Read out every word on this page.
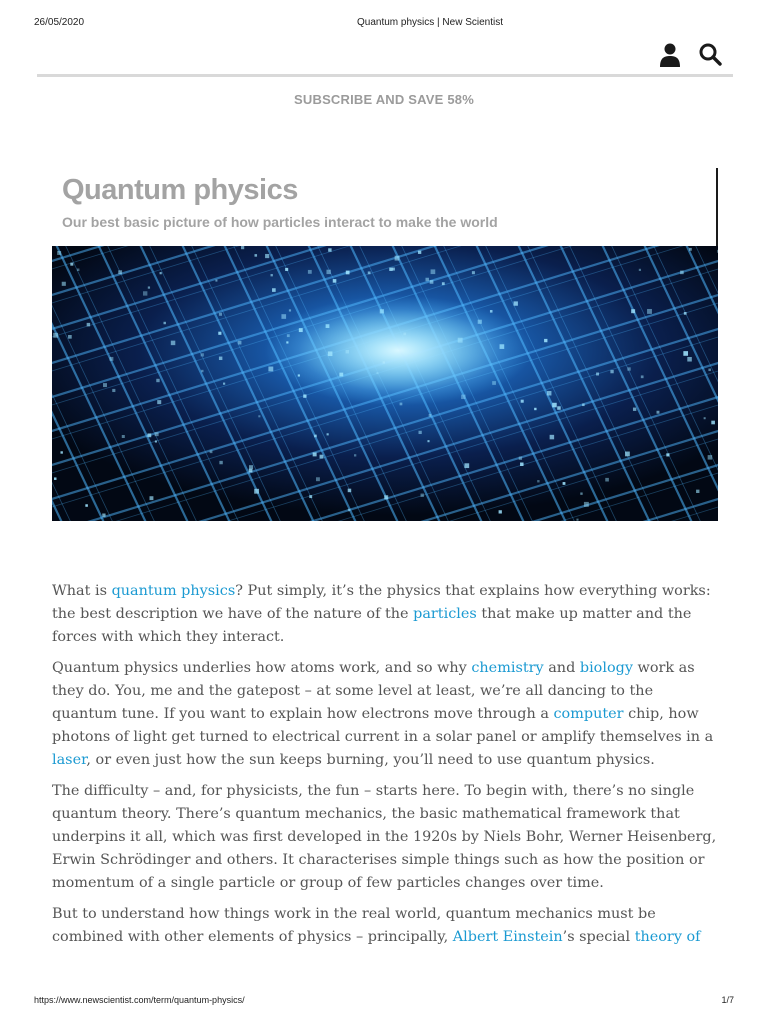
26/05/2020	Quantum physics | New Scientist
SUBSCRIBE AND SAVE 58%
Quantum physics

Our best basic picture of how particles interact to make the world

What is quantum physics? Put simply, it’s the physics that explains how everything works: the best description we have of the nature of the particles that make up matter and the forces with which they interact.

Quantum physics underlies how atoms work, and so why chemistry and biology work as they do. You, me and the gatepost – at some level at least, we’re all dancing to the quantum tune. If you want to explain how electrons move through a computer chip, how photons of light get turned to electrical current in a solar panel or amplify themselves in a laser, or even just how the sun keeps burning, you’ll need to use quantum physics.

The difficulty – and, for physicists, the fun – starts here. To begin with, there’s no single quantum theory. There’s quantum mechanics, the basic mathematical framework that underpins it all, which was first developed in the 1920s by Niels Bohr, Werner Heisenberg, Erwin Schrödinger and others. It characterises simple things such as how the position or momentum of a single particle or group of few particles changes over time.

But to understand how things work in the real world, quantum mechanics must be combined with other elements of physics – principally, Albert Einstein’s special theory of

https://www.newscientist.com/term/quantum-physics/	1/7
